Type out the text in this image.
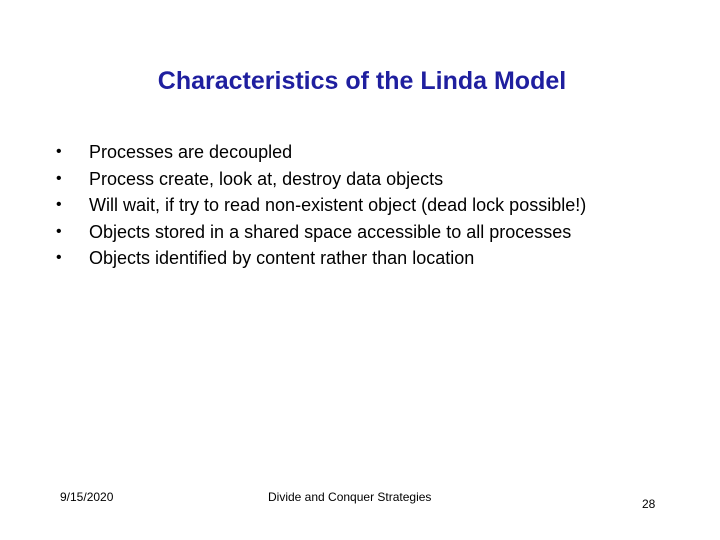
Characteristics of the Linda Model
•	Processes are decoupled
•	Process create, look at, destroy data objects
•	Will wait, if try to read non-existent object (dead lock possible!)
•	Objects stored in a shared space accessible to all processes
•	Objects identified by content rather than location
9/15/2020	Divide and Conquer Strategies	28
